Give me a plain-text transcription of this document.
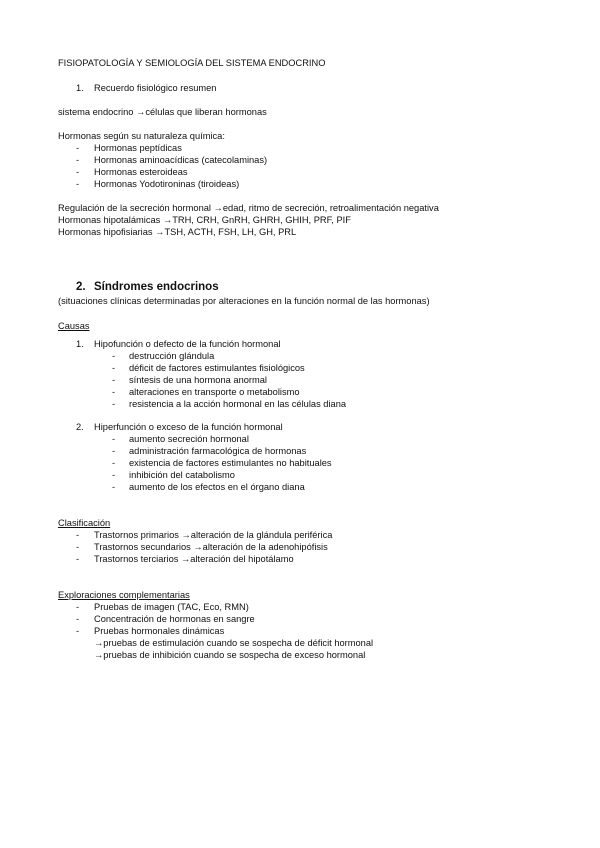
FISIOPATOLOGÍA Y SEMIOLOGÍA DEL SISTEMA ENDOCRINO
1. Recuerdo fisiológico resumen
sistema endocrino →células que liberan hormonas
Hormonas según su naturaleza química:
- Hormonas peptídicas
- Hormonas aminoacídicas (catecolaminas)
- Hormonas esteroideas
- Hormonas Yodotironinas (tiroideas)
Regulación de la secreción hormonal →edad, ritmo de secreción, retroalimentación negativa
Hormonas hipotalámicas →TRH, CRH, GnRH, GHRH, GHIH, PRF, PIF
Hormonas hipofisiarias →TSH, ACTH, FSH, LH, GH, PRL
2. Síndromes endocrinos
(situaciones clínicas determinadas por alteraciones en la función normal de las hormonas)
Causas
1. Hipofunción o defecto de la función hormonal
- destrucción glándula
- déficit de factores estimulantes fisiológicos
- síntesis de una hormona anormal
- alteraciones en transporte o metabolismo
- resistencia a la acción hormonal en las células diana
2. Hiperfunción o exceso de la función hormonal
- aumento secreción hormonal
- administración farmacológica de hormonas
- existencia de factores estimulantes no habituales
- inhibición del catabolismo
- aumento de los efectos en el órgano diana
Clasificación
- Trastornos primarios →alteración de la glándula periférica
- Trastornos secundarios →alteración de la adenohipófisis
- Trastornos terciarios →alteración del hipotálamo
Exploraciones complementarias
- Pruebas de imagen (TAC, Eco, RMN)
- Concentración de hormonas en sangre
- Pruebas hormonales dinámicas
→pruebas de estimulación cuando se sospecha de déficit hormonal
→pruebas de inhibición cuando se sospecha de exceso hormonal
